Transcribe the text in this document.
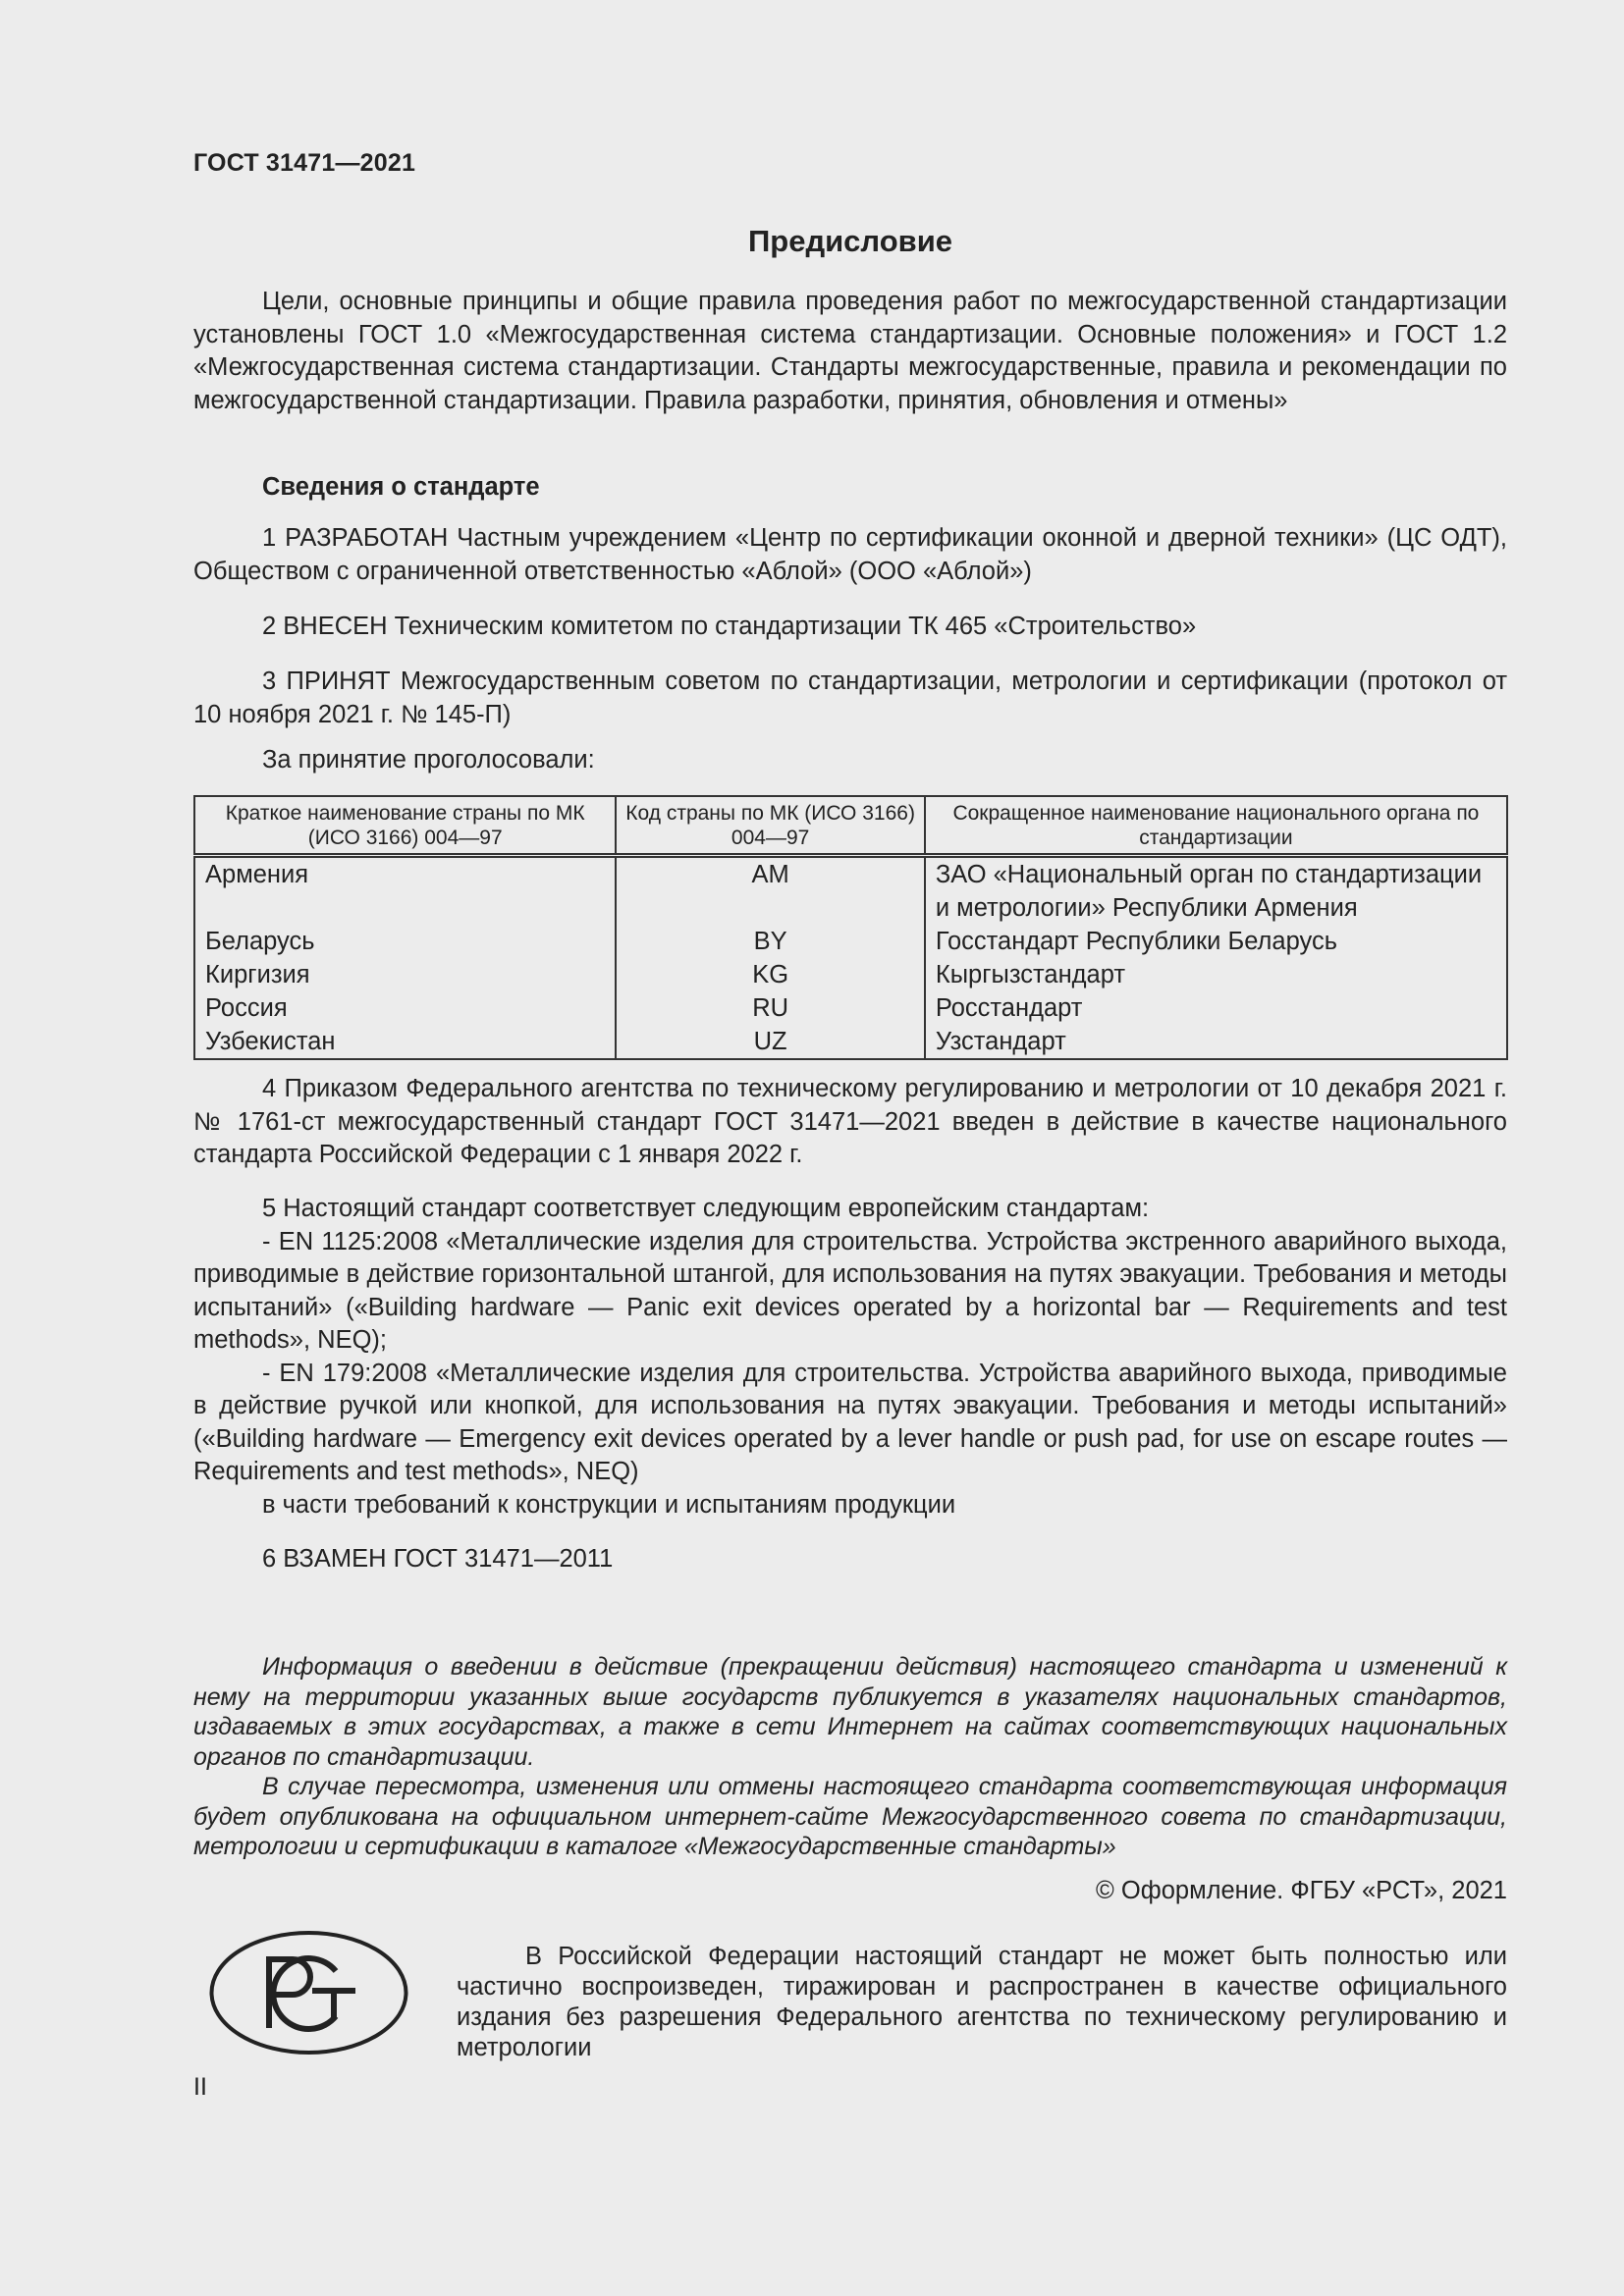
ГОСТ 31471—2021
Предисловие
Цели, основные принципы и общие правила проведения работ по межгосударственной стандартизации установлены ГОСТ 1.0 «Межгосударственная система стандартизации. Основные положения» и ГОСТ 1.2 «Межгосударственная система стандартизации. Стандарты межгосударственные, правила и рекомендации по межгосударственной стандартизации. Правила разработки, принятия, обновления и отмены»
Сведения о стандарте
1 РАЗРАБОТАН Частным учреждением «Центр по сертификации оконной и дверной техники» (ЦС ОДТ), Обществом с ограниченной ответственностью «Аблой» (ООО «Аблой»)
2 ВНЕСЕН Техническим комитетом по стандартизации ТК 465 «Строительство»
3 ПРИНЯТ Межгосударственным советом по стандартизации, метрологии и сертификации (протокол от 10 ноября 2021 г. № 145-П)
За принятие проголосовали:
Краткое наименование страны по МК (ИСО 3166) 004—97	Код страны по МК (ИСО 3166) 004—97	Сокращенное наименование национального органа по стандартизации
Армения	AM	ЗАО «Национальный орган по стандартизации и метрологии» Республики Армения
Беларусь	BY	Госстандарт Республики Беларусь
Киргизия	KG	Кыргызстандарт
Россия	RU	Росстандарт
Узбекистан	UZ	Узстандарт
4 Приказом Федерального агентства по техническому регулированию и метрологии от 10 декабря 2021 г. № 1761-ст межгосударственный стандарт ГОСТ 31471—2021 введен в действие в качестве национального стандарта Российской Федерации с 1 января 2022 г.

5 Настоящий стандарт соответствует следующим европейским стандартам:

- EN 1125:2008 «Металлические изделия для строительства. Устройства экстренного аварийного выхода, приводимые в действие горизонтальной штангой, для использования на путях эвакуации. Требования и методы испытаний» («Building hardware — Panic exit devices operated by a horizontal bar — Requirements and test methods», NEQ);

- EN 179:2008 «Металлические изделия для строительства. Устройства аварийного выхода, приводимые в действие ручкой или кнопкой, для использования на путях эвакуации. Требования и методы испытаний» («Building hardware — Emergency exit devices operated by a lever handle or push pad, for use on escape routes — Requirements and test methods», NEQ)

в части требований к конструкции и испытаниям продукции

6 ВЗАМЕН ГОСТ 31471—2011

Информация о введении в действие (прекращении действия) настоящего стандарта и изменений к нему на территории указанных выше государств публикуется в указателях национальных стандартов, издаваемых в этих государствах, а также в сети Интернет на сайтах соответствующих национальных органов по стандартизации.

В случае пересмотра, изменения или отмены настоящего стандарта соответствующая информация будет опубликована на официальном интернет-сайте Межгосударственного совета по стандартизации, метрологии и сертификации в каталоге «Межгосударственные стандарты»

© Оформление. ФГБУ «РСТ», 2021
В Российской Федерации настоящий стандарт не может быть полностью или частично воспроизведен, тиражирован и распространен в качестве официального издания без разрешения Федерального агентства по техническому регулированию и метрологии
II
